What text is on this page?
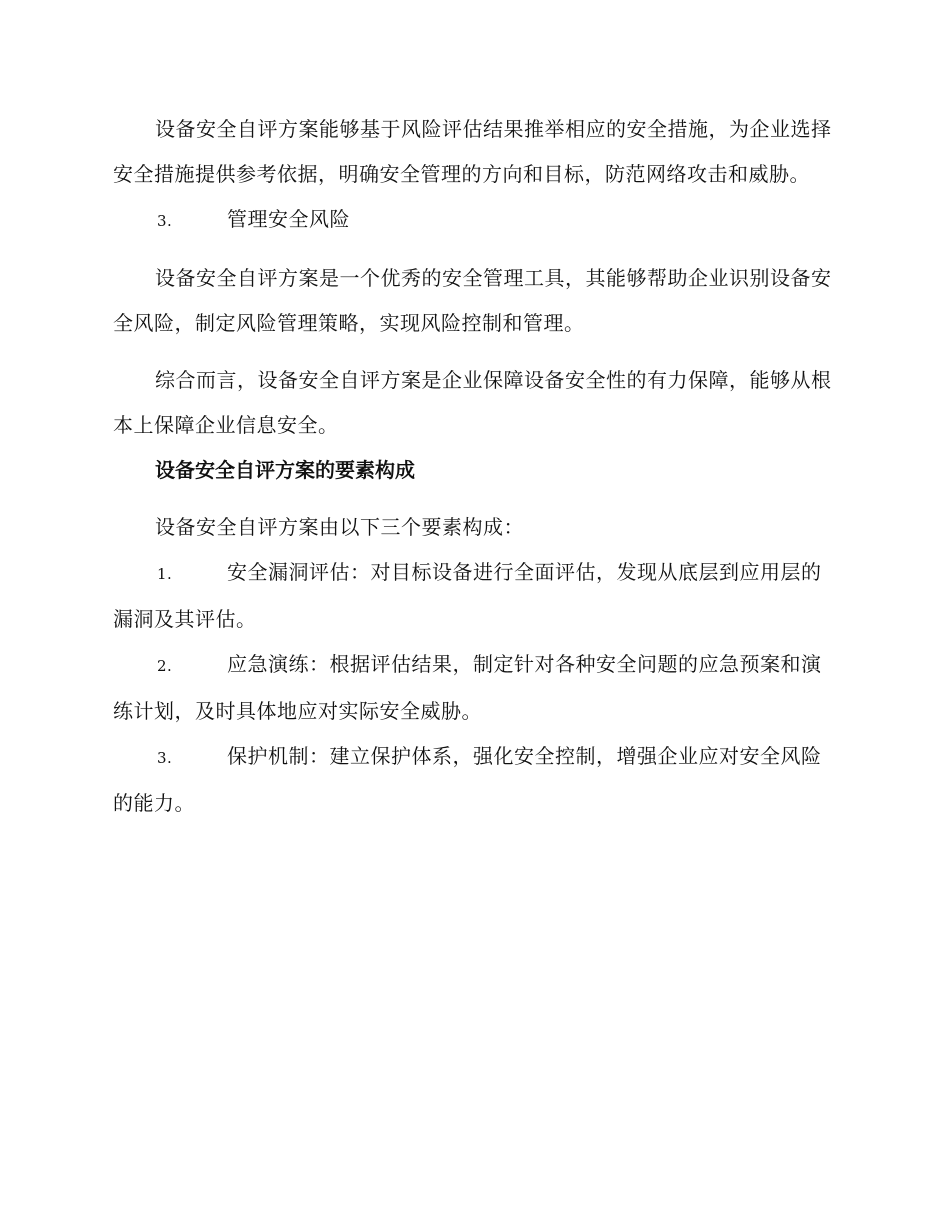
设备安全自评方案能够基于风险评估结果推举相应的安全措施，为企业选择安全措施提供参考依据，明确安全管理的方向和目标，防范网络攻击和威胁。

3.	管理安全风险

设备安全自评方案是一个优秀的安全管理工具，其能够帮助企业识别设备安全风险，制定风险管理策略，实现风险控制和管理。

综合而言，设备安全自评方案是企业保障设备安全性的有力保障，能够从根本上保障企业信息安全。

设备安全自评方案的要素构成

设备安全自评方案由以下三个要素构成：

1.	安全漏洞评估：对目标设备进行全面评估，发现从底层到应用层的漏洞及其评估。

2.	应急演练：根据评估结果，制定针对各种安全问题的应急预案和演练计划，及时具体地应对实际安全威胁。

3.	保护机制：建立保护体系，强化安全控制，增强企业应对安全风险的能力。
